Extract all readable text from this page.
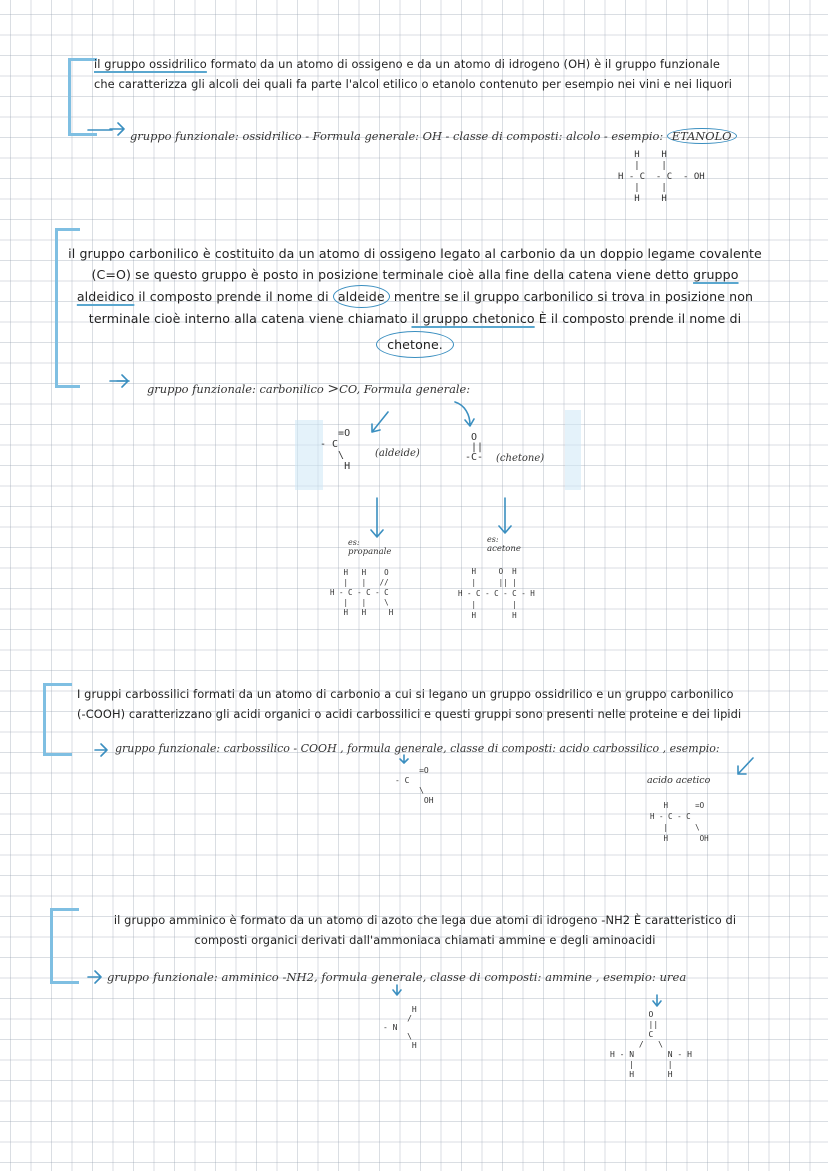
il gruppo ossidrilico formato da un atomo di ossigeno e da un atomo di idrogeno (OH) è il gruppo funzionale
che caratterizza gli alcoli dei quali fa parte l'alcol etilico o etanolo contenuto per esempio nei vini e nei liquori
gruppo funzionale: ossidrilico - Formula generale: OH - classe di composti: alcolo - esempio: ETANOLO
H    H
|    |
H - C  - C  - OH
|    |
H    H
il gruppo carbonilico è costituito da un atomo di ossigeno legato al carbonio da un doppio legame covalente
(C=O) se questo gruppo è posto in posizione terminale cioè alla fine della catena viene detto gruppo
aldeidico il composto prende il nome di aldeide mentre se il gruppo carbonilico si trova in posizione non
terminale cioè interno alla catena viene chiamato il gruppo chetonico È il composto prende il nome di
chetone.
gruppo funzionale: carbonilico >CO, Formula generale:
=O
- C
\
H
(aldeide)
O
||
-C- (chetone)
es:
propanale
H   H    O
|   |   //
H - C - C - C
|   |    \
H   H     H
es:
acetone
H     O  H
|     || |
H - C - C - C - H
|        |
H        H
I gruppi carbossilici formati da un atomo di carbonio a cui si legano un gruppo ossidrilico e un gruppo carbonilico
(-COOH) caratterizzano gli acidi organici o acidi carbossilici e questi gruppi sono presenti nelle proteine e dei lipidi
gruppo funzionale: carbossilico - COOH , formula generale, classe di composti: acido carbossilico , esempio:
=O
- C
\
OH
acido acetico
H      =O
H - C - C
|      \
H       OH
il gruppo amminico è formato da un atomo di azoto che lega due atomi di idrogeno -NH2 È caratteristico di
composti organici derivati dall'ammoniaca chiamati ammine e degli aminoacidi
gruppo funzionale: amminico -NH2, formula generale, classe di composti: ammine , esempio: urea
H
/
- N
\
H
O
||
C
/   \
H - N       N - H
|       |
H       H
